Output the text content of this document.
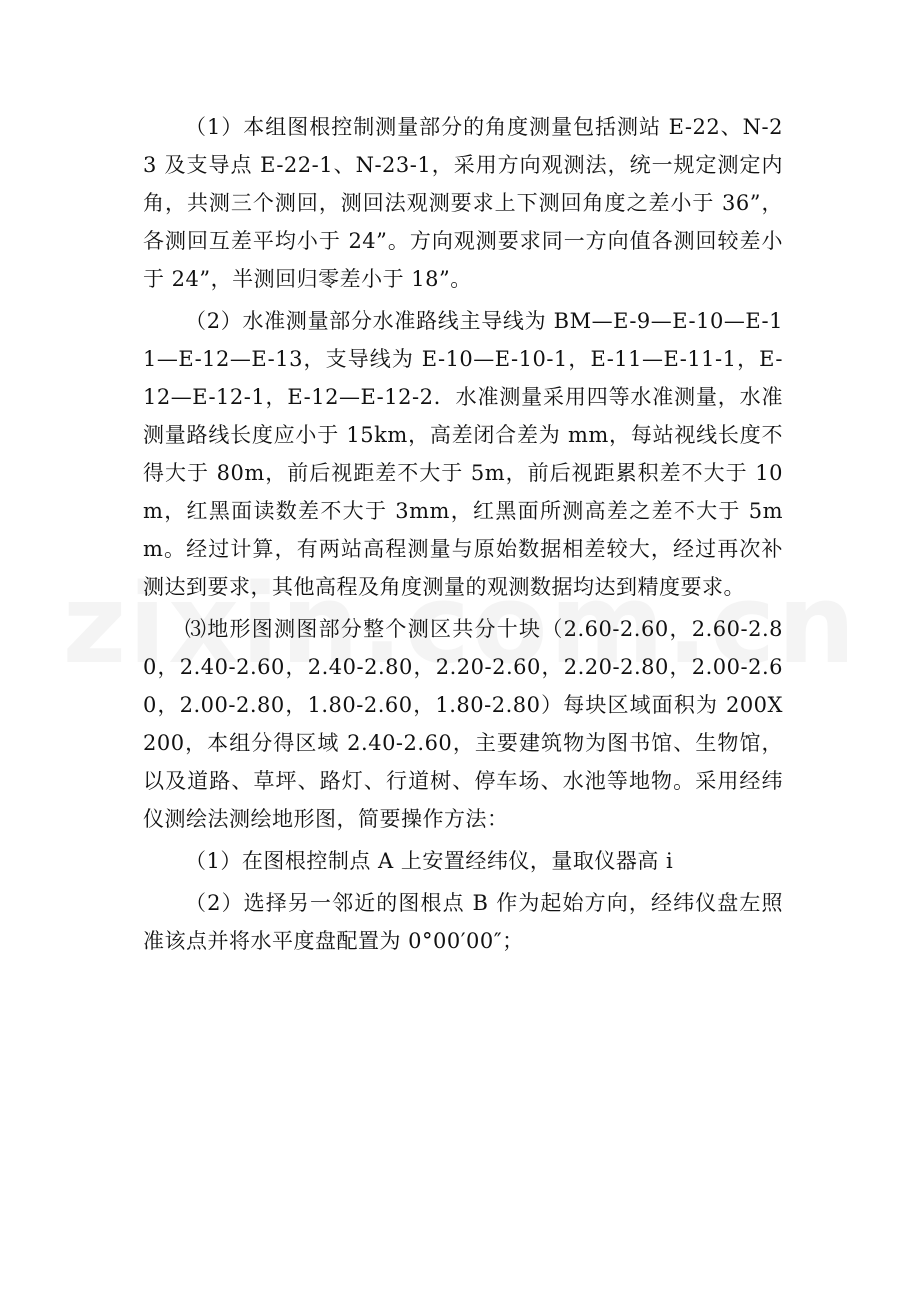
（1）本组图根控制测量部分的角度测量包括测站 E-22、N-23 及支导点 E-22-1、N-23-1，采用方向观测法，统一规定测定内角，共测三个测回，测回法观测要求上下测回角度之差小于 36”，各测回互差平均小于 24”。方向观测要求同一方向值各测回较差小于 24”，半测回归零差小于 18”。

（2）水准测量部分水准路线主导线为 BM—E-9—E-10—E-11—E-12—E-13，支导线为 E-10—E-10-1，E-11—E-11-1，E-12—E-12-1，E-12—E-12-2．水准测量采用四等水准测量，水准测量路线长度应小于 15km，高差闭合差为 mm，每站视线长度不得大于 80m，前后视距差不大于 5m，前后视距累积差不大于 10m，红黑面读数差不大于 3mm，红黑面所测高差之差不大于 5mm。经过计算，有两站高程测量与原始数据相差较大，经过再次补测达到要求，其他高程及角度测量的观测数据均达到精度要求。

⑶地形图测图部分整个测区共分十块（2.60-2.60，2.60-2.80，2.40-2.60，2.40-2.80，2.20-2.60，2.20-2.80，2.00-2.60，2.00-2.80，1.80-2.60，1.80-2.80）每块区域面积为 200X200，本组分得区域 2.40-2.60，主要建筑物为图书馆、生物馆，以及道路、草坪、路灯、行道树、停车场、水池等地物。采用经纬仪测绘法测绘地形图，简要操作方法：

（1）在图根控制点 A 上安置经纬仪，量取仪器高 i

（2）选择另一邻近的图根点 B 作为起始方向，经纬仪盘左照准该点并将水平度盘配置为 0°00′00″；
